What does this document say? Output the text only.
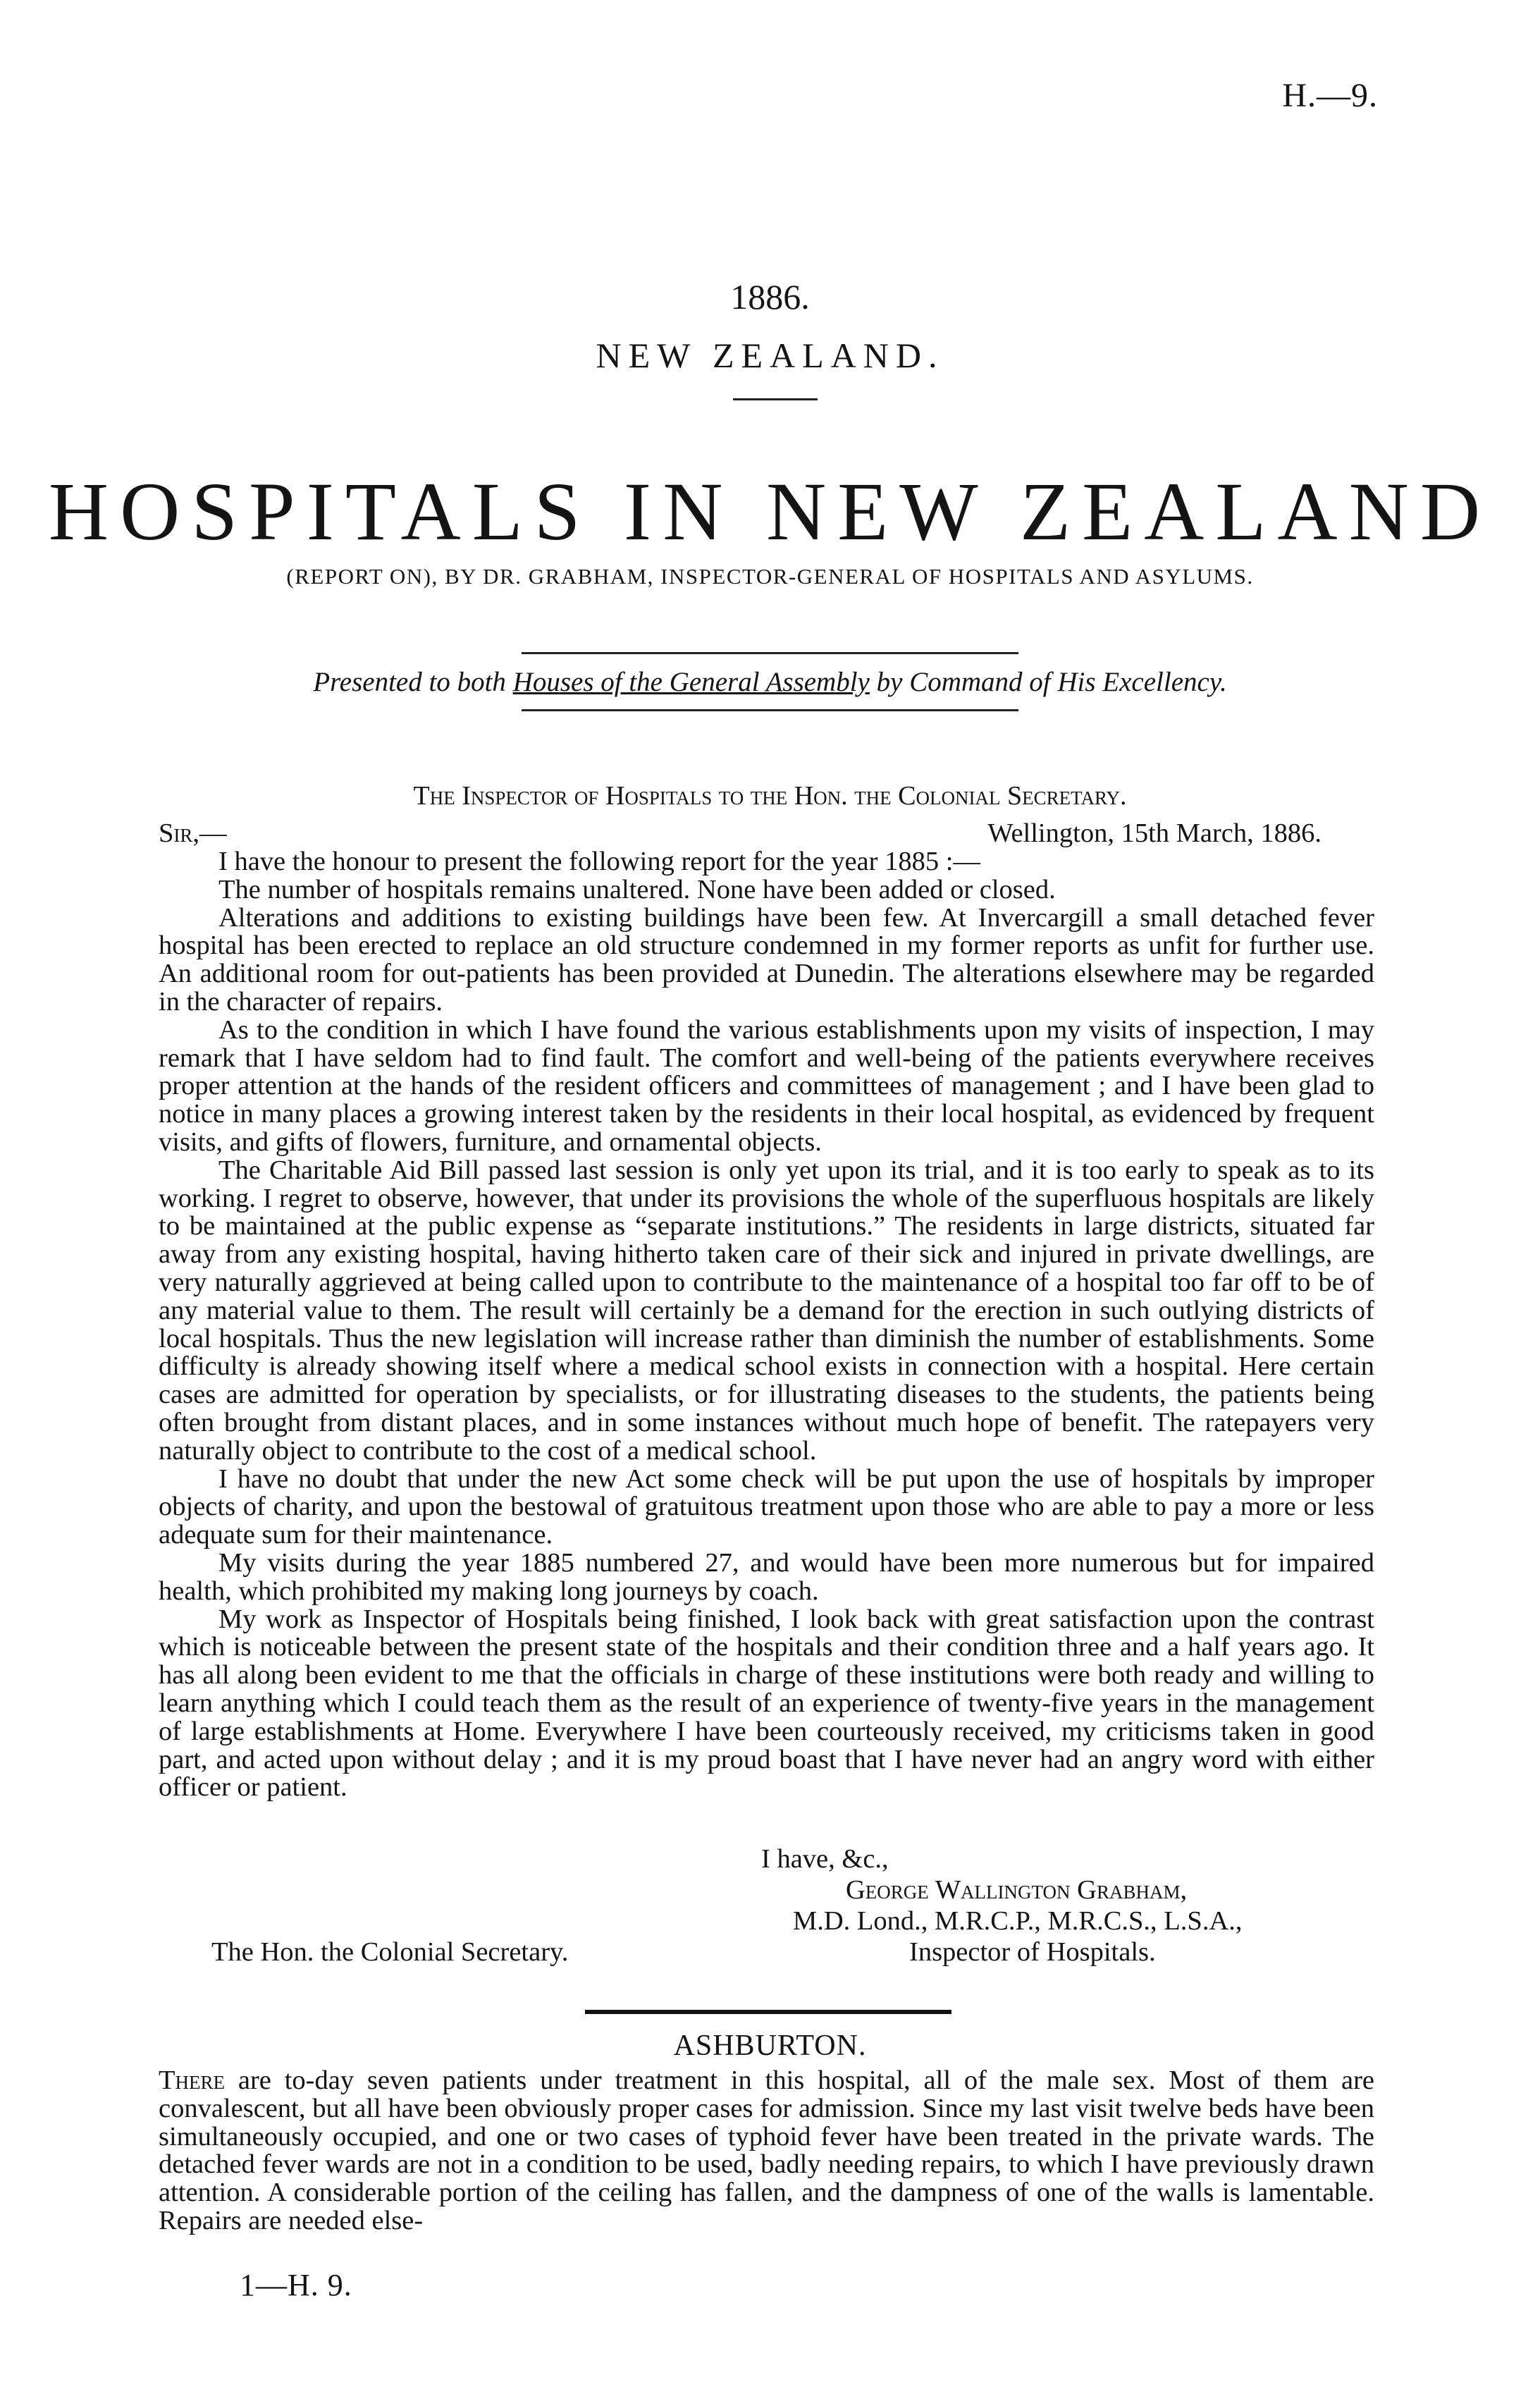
H.—9.
1886.
NEW ZEALAND.
HOSPITALS IN NEW ZEALAND
(REPORT ON), BY DR. GRABHAM, INSPECTOR-GENERAL OF HOSPITALS AND ASYLUMS.
Presented to both Houses of the General Assembly by Command of His Excellency.
The Inspector of Hospitals to the Hon. the Colonial Secretary.
Sir,—	Wellington, 15th March, 1886.

I have the honour to present the following report for the year 1885 :—

The number of hospitals remains unaltered. None have been added or closed.

Alterations and additions to existing buildings have been few. At Invercargill a small detached fever hospital has been erected to replace an old structure condemned in my former reports as unfit for further use. An additional room for out-patients has been provided at Dunedin. The alterations elsewhere may be regarded in the character of repairs.

As to the condition in which I have found the various establishments upon my visits of inspection, I may remark that I have seldom had to find fault. The comfort and well-being of the patients everywhere receives proper attention at the hands of the resident officers and committees of management ; and I have been glad to notice in many places a growing interest taken by the residents in their local hospital, as evidenced by frequent visits, and gifts of flowers, furniture, and ornamental objects.

The Charitable Aid Bill passed last session is only yet upon its trial, and it is too early to speak as to its working. I regret to observe, however, that under its provisions the whole of the superfluous hospitals are likely to be maintained at the public expense as “separate institutions.” The residents in large districts, situated far away from any existing hospital, having hitherto taken care of their sick and injured in private dwellings, are very naturally aggrieved at being called upon to contribute to the maintenance of a hospital too far off to be of any material value to them. The result will certainly be a demand for the erection in such outlying districts of local hospitals. Thus the new legislation will increase rather than diminish the number of establishments. Some difficulty is already showing itself where a medical school exists in connection with a hospital. Here certain cases are admitted for operation by specialists, or for illustrating diseases to the students, the patients being often brought from distant places, and in some instances without much hope of benefit. The ratepayers very naturally object to contribute to the cost of a medical school.

I have no doubt that under the new Act some check will be put upon the use of hospitals by improper objects of charity, and upon the bestowal of gratuitous treatment upon those who are able to pay a more or less adequate sum for their maintenance.

My visits during the year 1885 numbered 27, and would have been more numerous but for impaired health, which prohibited my making long journeys by coach.

My work as Inspector of Hospitals being finished, I look back with great satisfaction upon the contrast which is noticeable between the present state of the hospitals and their condition three and a half years ago. It has all along been evident to me that the officials in charge of these institutions were both ready and willing to learn anything which I could teach them as the result of an experience of twenty-five years in the management of large establishments at Home. Everywhere I have been courteously received, my criticisms taken in good part, and acted upon without delay ; and it is my proud boast that I have never had an angry word with either officer or patient.

I have, &c.,
George Wallington Grabham,
M.D. Lond., M.R.C.P., M.R.C.S., L.S.A.,
The Hon. the Colonial Secretary.	Inspector of Hospitals.
ASHBURTON.

There are to-day seven patients under treatment in this hospital, all of the male sex. Most of them are convalescent, but all have been obviously proper cases for admission. Since my last visit twelve beds have been simultaneously occupied, and one or two cases of typhoid fever have been treated in the private wards. The detached fever wards are not in a condition to be used, badly needing repairs, to which I have previously drawn attention. A considerable portion of the ceiling has fallen, and the dampness of one of the walls is lamentable. Repairs are needed else-

1—H. 9.
